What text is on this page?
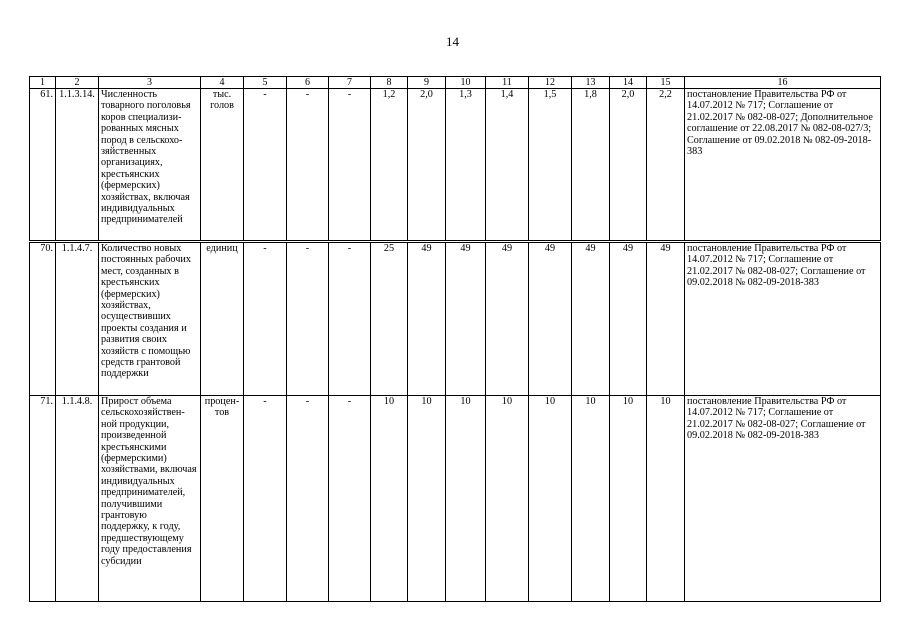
14
1	2	3	4	5	6	7	8	9	10	11	12	13	14	15	16
61.	1.1.3.14.	Численность товарного поголовья коров специализи-рованных мясных пород в сельскохо-зяйственных организациях, крестьянских (фермерских) хозяйствах, включая индивидуальных предпринимателей	тыс. голов	-	-	-	1,2	2,0	1,3	1,4	1,5	1,8	2,0	2,2	постановление Правительства РФ от 14.07.2012 № 717; Соглашение от 21.02.2017 № 082-08-027; Дополнительное соглашение от 22.08.2017 № 082-08-027/3; Соглашение от 09.02.2018 № 082-09-2018-383
70.	1.1.4.7.	Количество новых постоянных рабочих мест, созданных в крестьянских (фермерских) хозяйствах, осуществивших проекты создания и развития своих хозяйств с помощью средств грантовой поддержки	единиц	-	-	-	25	49	49	49	49	49	49	49	постановление Правительства РФ от 14.07.2012 № 717; Соглашение от 21.02.2017 № 082-08-027; Соглашение от 09.02.2018 № 082-09-2018-383
71.	1.1.4.8.	Прирост объема сельскохозяйствен-ной продукции, произведенной крестьянскими (фермерскими) хозяйствами, включая индивидуальных предпринимателей, получившими грантовую поддержку, к году, предшествующему году предоставления субсидии	процен-тов	-	-	-	10	10	10	10	10	10	10	10	постановление Правительства РФ от 14.07.2012 № 717; Соглашение от 21.02.2017 № 082-08-027; Соглашение от 09.02.2018 № 082-09-2018-383
